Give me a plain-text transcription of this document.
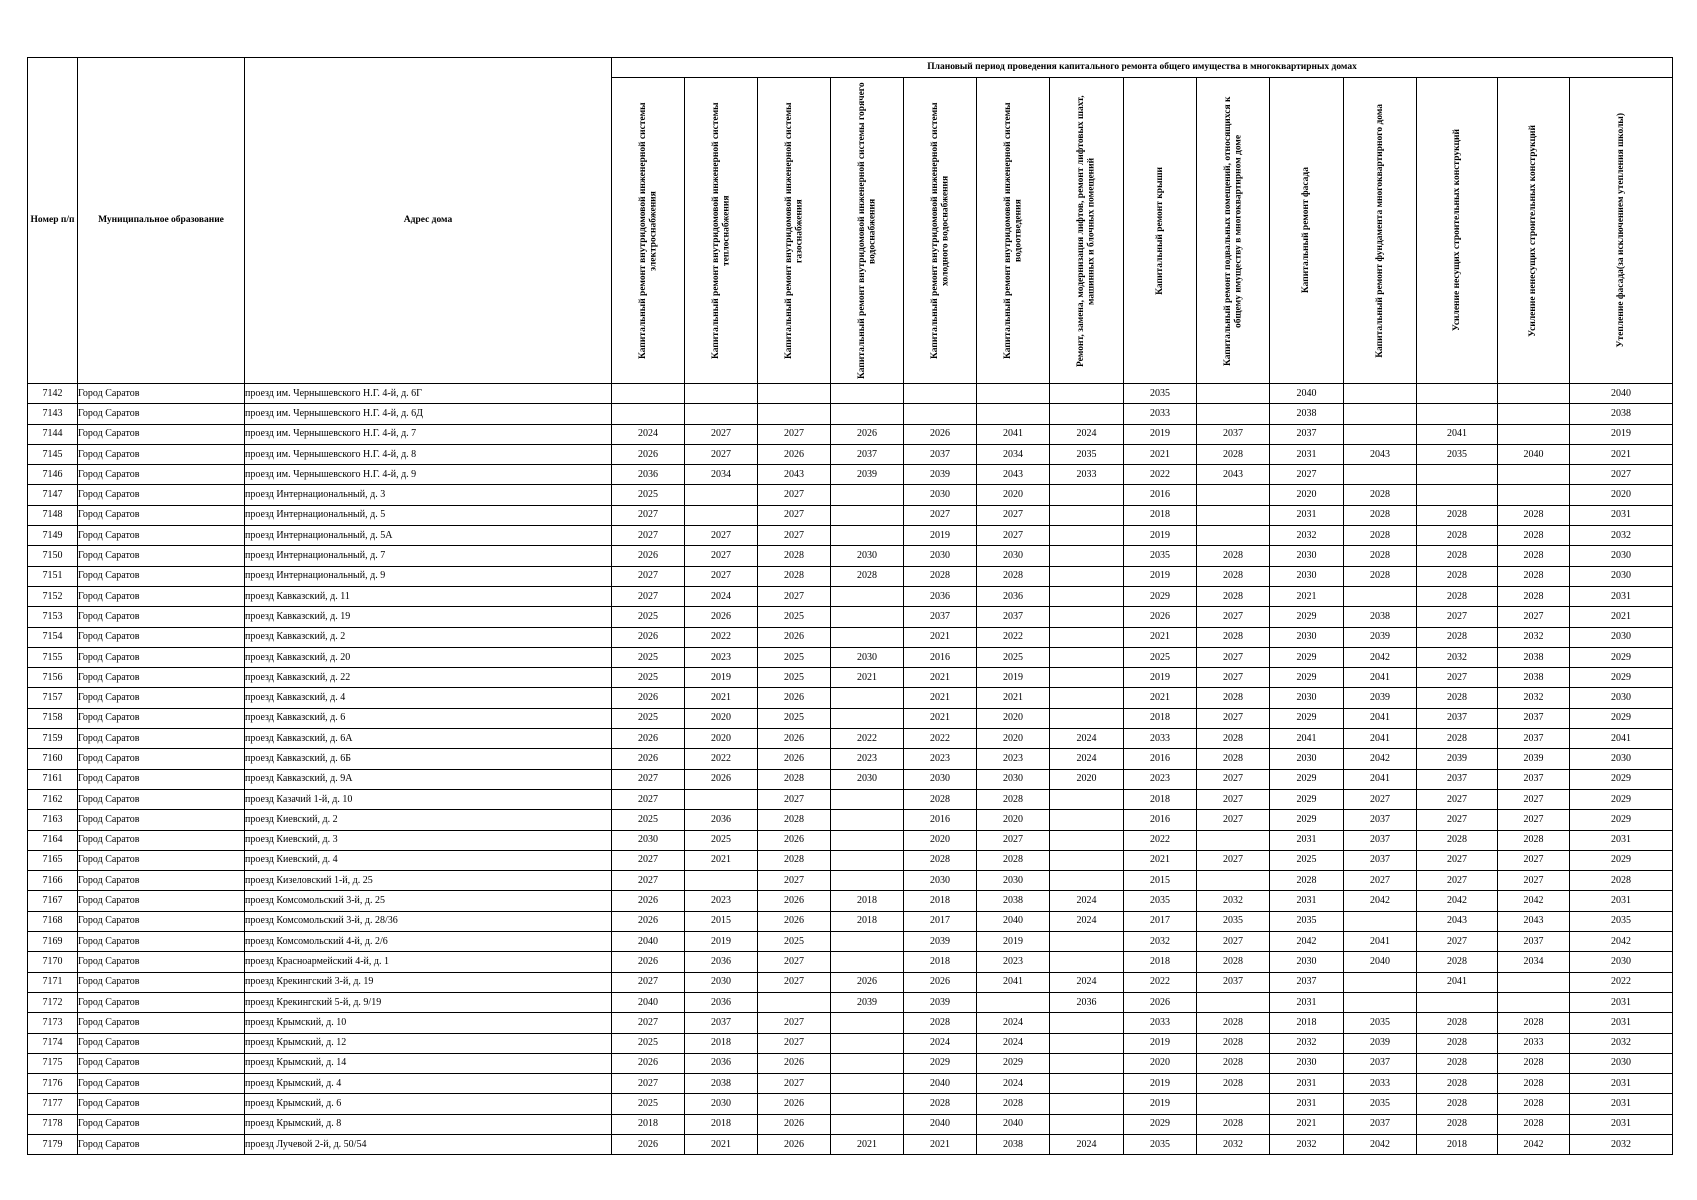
Номер п/п	Муниципальное образование	Адрес дома	Плановый период проведения капитального ремонта общего имущества в многоквартирных домах													

			Капитальный ремонт внутридомовой инженерной системы электроснабжения	Капитальный ремонт внутридомовой инженерной системы теплоснабжения	Капитальный ремонт внутридомовой инженерной системы газоснабжения	Капитальный ремонт внутридомовой инженерной системы горячего водоснабжения	Капитальный ремонт внутридомовой инженерной системы холодного водоснабжения	Капитальный ремонт внутридомовой инженерной системы водоотведения	Ремонт, замена, модернизация лифтов, ремонт лифтовых шахт, машинных и блочных помещений	Капитальный ремонт крыши	Капитальный ремонт подвальных помещений, относящихся к общему имуществу в многоквартирном доме	Капитальный ремонт фасада	Капитальный ремонт фундамента многоквартирного дома	Усиление несущих строительных конструкций	Усиление ненесущих строительных конструкций	Утепление фасада(за исключением утепления школы)

7142	Город Саратов	проезд им. Чернышевского Н.Г. 4-й, д. 6Г								2035		2040				2040
7143	Город Саратов	проезд им. Чернышевского Н.Г. 4-й, д. 6Д								2033		2038				2038
7144	Город Саратов	проезд им. Чернышевского Н.Г. 4-й, д. 7	2024	2027	2027	2026	2026	2041	2024	2019	2037	2037		2041		2019
7145	Город Саратов	проезд им. Чернышевского Н.Г. 4-й, д. 8	2026	2027	2026	2037	2037	2034	2035	2021	2028	2031	2043	2035	2040	2021
7146	Город Саратов	проезд им. Чернышевского Н.Г. 4-й, д. 9	2036	2034	2043	2039	2039	2043	2033	2022	2043	2027				2027
7147	Город Саратов	проезд Интернациональный, д. 3	2025		2027		2030	2020		2016		2020	2028			2020
7148	Город Саратов	проезд Интернациональный, д. 5	2027		2027		2027	2027		2018		2031	2028	2028	2028	2031
7149	Город Саратов	проезд Интернациональный, д. 5А	2027	2027	2027		2019	2027		2019		2032	2028	2028	2028	2032
7150	Город Саратов	проезд Интернациональный, д. 7	2026	2027	2028	2030	2030	2030		2035	2028	2030	2028	2028	2028	2030
7151	Город Саратов	проезд Интернациональный, д. 9	2027	2027	2028	2028	2028	2028		2019	2028	2030	2028	2028	2028	2030
7152	Город Саратов	проезд Кавказский, д. 11	2027	2024	2027		2036	2036		2029	2028	2021		2028	2028	2031
7153	Город Саратов	проезд Кавказский, д. 19	2025	2026	2025		2037	2037		2026	2027	2029	2038	2027	2027	2021
7154	Город Саратов	проезд Кавказский, д. 2	2026	2022	2026		2021	2022		2021	2028	2030	2039	2028	2032	2030
7155	Город Саратов	проезд Кавказский, д. 20	2025	2023	2025	2030	2016	2025		2025	2027	2029	2042	2032	2038	2029
7156	Город Саратов	проезд Кавказский, д. 22	2025	2019	2025	2021	2021	2019		2019	2027	2029	2041	2027	2038	2029
7157	Город Саратов	проезд Кавказский, д. 4	2026	2021	2026		2021	2021		2021	2028	2030	2039	2028	2032	2030
7158	Город Саратов	проезд Кавказский, д. 6	2025	2020	2025		2021	2020		2018	2027	2029	2041	2037	2037	2029
7159	Город Саратов	проезд Кавказский, д. 6А	2026	2020	2026	2022	2022	2020	2024	2033	2028	2041	2041	2028	2037	2041
7160	Город Саратов	проезд Кавказский, д. 6Б	2026	2022	2026	2023	2023	2023	2024	2016	2028	2030	2042	2039	2039	2030
7161	Город Саратов	проезд Кавказский, д. 9А	2027	2026	2028	2030	2030	2030	2020	2023	2027	2029	2041	2037	2037	2029
7162	Город Саратов	проезд Казачий 1-й, д. 10	2027		2027		2028	2028		2018	2027	2029	2027	2027	2027	2029
7163	Город Саратов	проезд Киевский, д. 2	2025	2036	2028		2016	2020		2016	2027	2029	2037	2027	2027	2029
7164	Город Саратов	проезд Киевский, д. 3	2030	2025	2026		2020	2027		2022		2031	2037	2028	2028	2031
7165	Город Саратов	проезд Киевский, д. 4	2027	2021	2028		2028	2028		2021	2027	2025	2037	2027	2027	2029
7166	Город Саратов	проезд Кизеловский 1-й, д. 25	2027		2027		2030	2030		2015		2028	2027	2027	2027	2028
7167	Город Саратов	проезд Комсомольский 3-й, д. 25	2026	2023	2026	2018	2018	2038	2024	2035	2032	2031	2042	2042	2042	2031
7168	Город Саратов	проезд Комсомольский 3-й, д. 28/36	2026	2015	2026	2018	2017	2040	2024	2017	2035	2035		2043	2043	2035
7169	Город Саратов	проезд Комсомольский 4-й, д. 2/6	2040	2019	2025		2039	2019		2032	2027	2042	2041	2027	2037	2042
7170	Город Саратов	проезд Красноармейский 4-й, д. 1	2026	2036	2027		2018	2023		2018	2028	2030	2040	2028	2034	2030
7171	Город Саратов	проезд Крекингский 3-й, д. 19	2027	2030	2027	2026	2026	2041	2024	2022	2037	2037		2041		2022
7172	Город Саратов	проезд Крекингский 5-й, д. 9/19	2040	2036		2039	2039		2036	2026		2031				2031
7173	Город Саратов	проезд Крымский, д. 10	2027	2037	2027		2028	2024		2033	2028	2018	2035	2028	2028	2031
7174	Город Саратов	проезд Крымский, д. 12	2025	2018	2027		2024	2024		2019	2028	2032	2039	2028	2033	2032
7175	Город Саратов	проезд Крымский, д. 14	2026	2036	2026		2029	2029		2020	2028	2030	2037	2028	2028	2030
7176	Город Саратов	проезд Крымский, д. 4	2027	2038	2027		2040	2024		2019	2028	2031	2033	2028	2028	2031
7177	Город Саратов	проезд Крымский, д. 6	2025	2030	2026		2028	2028		2019		2031	2035	2028	2028	2031
7178	Город Саратов	проезд Крымский, д. 8	2018	2018	2026		2040	2040		2029	2028	2021	2037	2028	2028	2031
7179	Город Саратов	проезд Лучевой 2-й, д. 50/54	2026	2021	2026	2021	2021	2038	2024	2035	2032	2032	2042	2018	2042	2032
